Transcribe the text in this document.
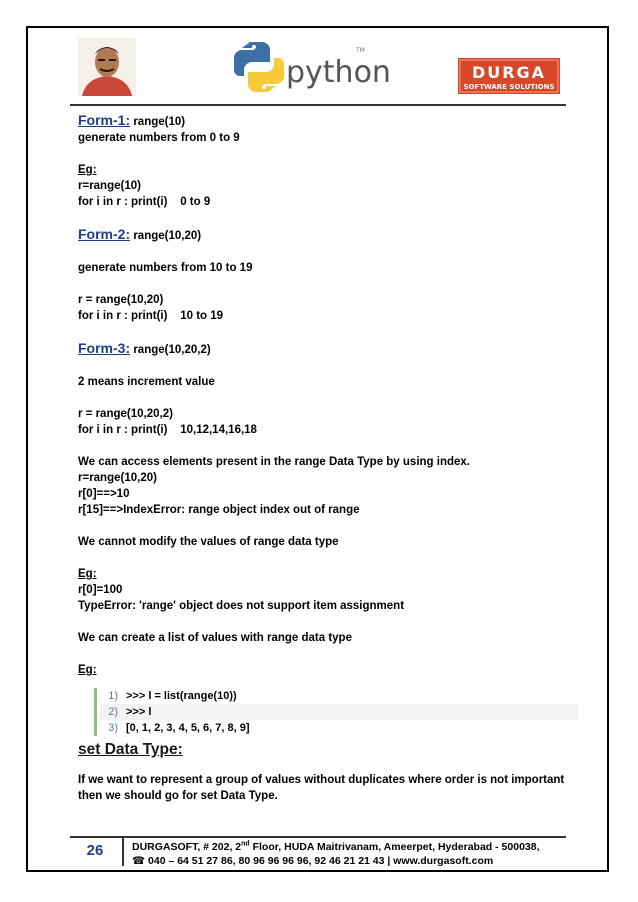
python
TM
DURGA
SOFTWARE SOLUTIONS
Form-1: range(10)
generate numbers from 0 to 9
Eg:
r=range(10)
for i in r : print(i)    0 to 9
Form-2: range(10,20)
generate numbers from 10 to 19
r = range(10,20)
for i in r : print(i)    10 to 19
Form-3: range(10,20,2)
2 means increment value
r = range(10,20,2)
for i in r : print(i)    10,12,14,16,18
We can access elements present in the range Data Type by using index.
r=range(10,20)
r[0]==>10
r[15]==>IndexError: range object index out of range
We cannot modify the values of range data type
Eg:
r[0]=100
TypeError: 'range' object does not support item assignment
We can create a list of values with range data type
Eg:
1) >>> l = list(range(10))
2) >>> l
3) [0, 1, 2, 3, 4, 5, 6, 7, 8, 9]
set Data Type:
If we want to represent a group of values without duplicates where order is not important
then we should go for set Data Type.
26	DURGASOFT, # 202, 2nd Floor, HUDA Maitrivanam, Ameerpet, Hyderabad - 500038,
☎ 040 – 64 51 27 86, 80 96 96 96 96, 92 46 21 21 43 | www.durgasoft.com
